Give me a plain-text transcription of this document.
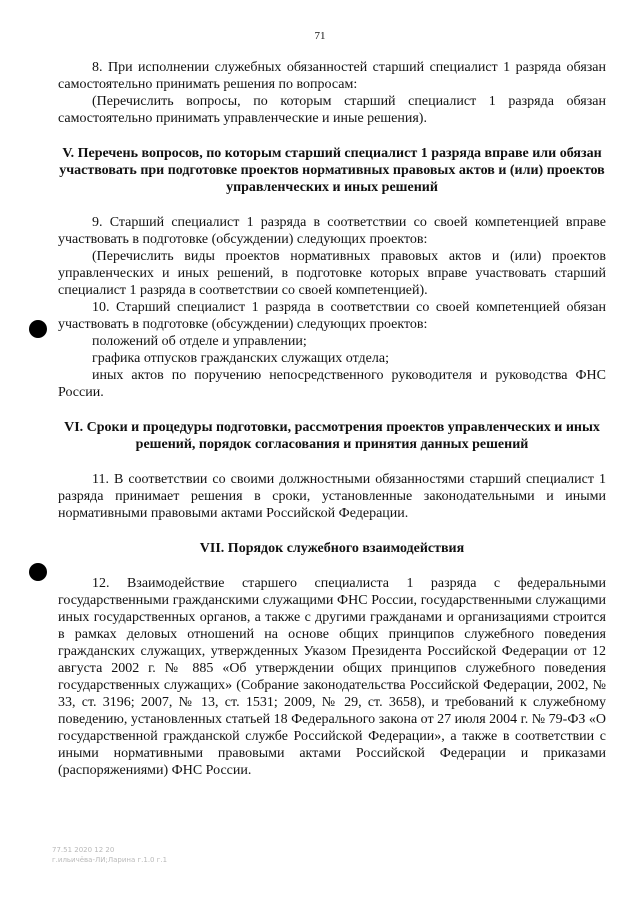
71

8. При исполнении служебных обязанностей старший специалист 1 разряда обязан самостоятельно принимать решения по вопросам:

(Перечислить вопросы, по которым старший специалист 1 разряда обязан самостоятельно принимать управленческие и иные решения).

V. Перечень вопросов, по которым старший специалист 1 разряда вправе или обязан участвовать при подготовке проектов нормативных правовых актов и (или) проектов управленческих и иных решений

9. Старший специалист 1 разряда в соответствии со своей компетенцией вправе участвовать в подготовке (обсуждении) следующих проектов:

(Перечислить виды проектов нормативных правовых актов и (или) проектов управленческих и иных решений, в подготовке которых вправе участвовать старший специалист 1 разряда в соответствии со своей компетенцией).

10. Старший специалист 1 разряда в соответствии со своей компетенцией обязан участвовать в подготовке (обсуждении) следующих проектов:

положений об отделе и управлении;

графика отпусков гражданских служащих отдела;

иных актов по поручению непосредственного руководителя и руководства ФНС России.

VI. Сроки и процедуры подготовки, рассмотрения проектов управленческих и иных решений, порядок согласования и принятия данных решений

11. В соответствии со своими должностными обязанностями старший специалист 1 разряда принимает решения в сроки, установленные законодательными и иными нормативными правовыми актами Российской Федерации.

VII. Порядок служебного взаимодействия

12. Взаимодействие старшего специалиста 1 разряда с федеральными государственными гражданскими служащими ФНС России, государственными служащими иных государственных органов, а также с другими гражданами и организациями строится в рамках деловых отношений на основе общих принципов служебного поведения гражданских служащих, утвержденных Указом Президента Российской Федерации от 12 августа 2002 г. № 885 «Об утверждении общих принципов служебного поведения государственных служащих» (Собрание законодательства Российской Федерации, 2002, № 33, ст. 3196; 2007, № 13, ст. 1531; 2009, № 29, ст. 3658), и требований к служебному поведению, установленных статьей 18 Федерального закона от 27 июля 2004 г. № 79-ФЗ «О государственной гражданской службе Российской Федерации», а также в соответствии с иными нормативными правовыми актами Российской Федерации и приказами (распоряжениями) ФНС России.

77.51 2020 12 20
г.ильичёва-ЛИ;Ларина г.1.0 г.1
